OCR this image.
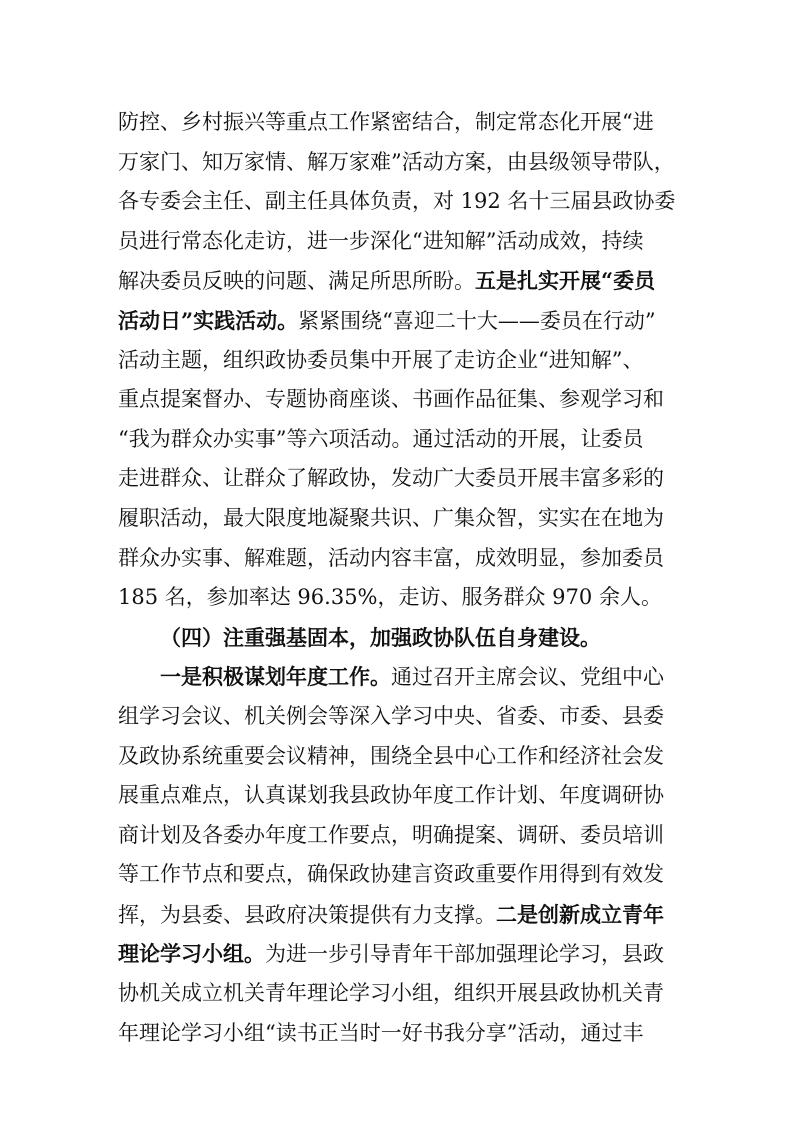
防控、乡村振兴等重点工作紧密结合，制定常态化开展“进
万家门、知万家情、解万家难”活动方案，由县级领导带队，
各专委会主任、副主任具体负责，对 192 名十三届县政协委
员进行常态化走访，进一步深化“进知解”活动成效，持续
解决委员反映的问题、满足所思所盼。五是扎实开展“委员
活动日”实践活动。紧紧围绕“喜迎二十大——委员在行动”
活动主题，组织政协委员集中开展了走访企业“进知解”、
重点提案督办、专题协商座谈、书画作品征集、参观学习和
“我为群众办实事”等六项活动。通过活动的开展，让委员
走进群众、让群众了解政协，发动广大委员开展丰富多彩的
履职活动，最大限度地凝聚共识、广集众智，实实在在地为
群众办实事、解难题，活动内容丰富，成效明显，参加委员
185 名，参加率达 96.35%，走访、服务群众 970 余人。
（四）注重强基固本，加强政协队伍自身建设。
一是积极谋划年度工作。通过召开主席会议、党组中心
组学习会议、机关例会等深入学习中央、省委、市委、县委
及政协系统重要会议精神，围绕全县中心工作和经济社会发
展重点难点，认真谋划我县政协年度工作计划、年度调研协
商计划及各委办年度工作要点，明确提案、调研、委员培训
等工作节点和要点，确保政协建言资政重要作用得到有效发
挥，为县委、县政府决策提供有力支撑。二是创新成立青年
理论学习小组。为进一步引导青年干部加强理论学习，县政
协机关成立机关青年理论学习小组，组织开展县政协机关青
年理论学习小组“读书正当时一好书我分享”活动，通过丰
